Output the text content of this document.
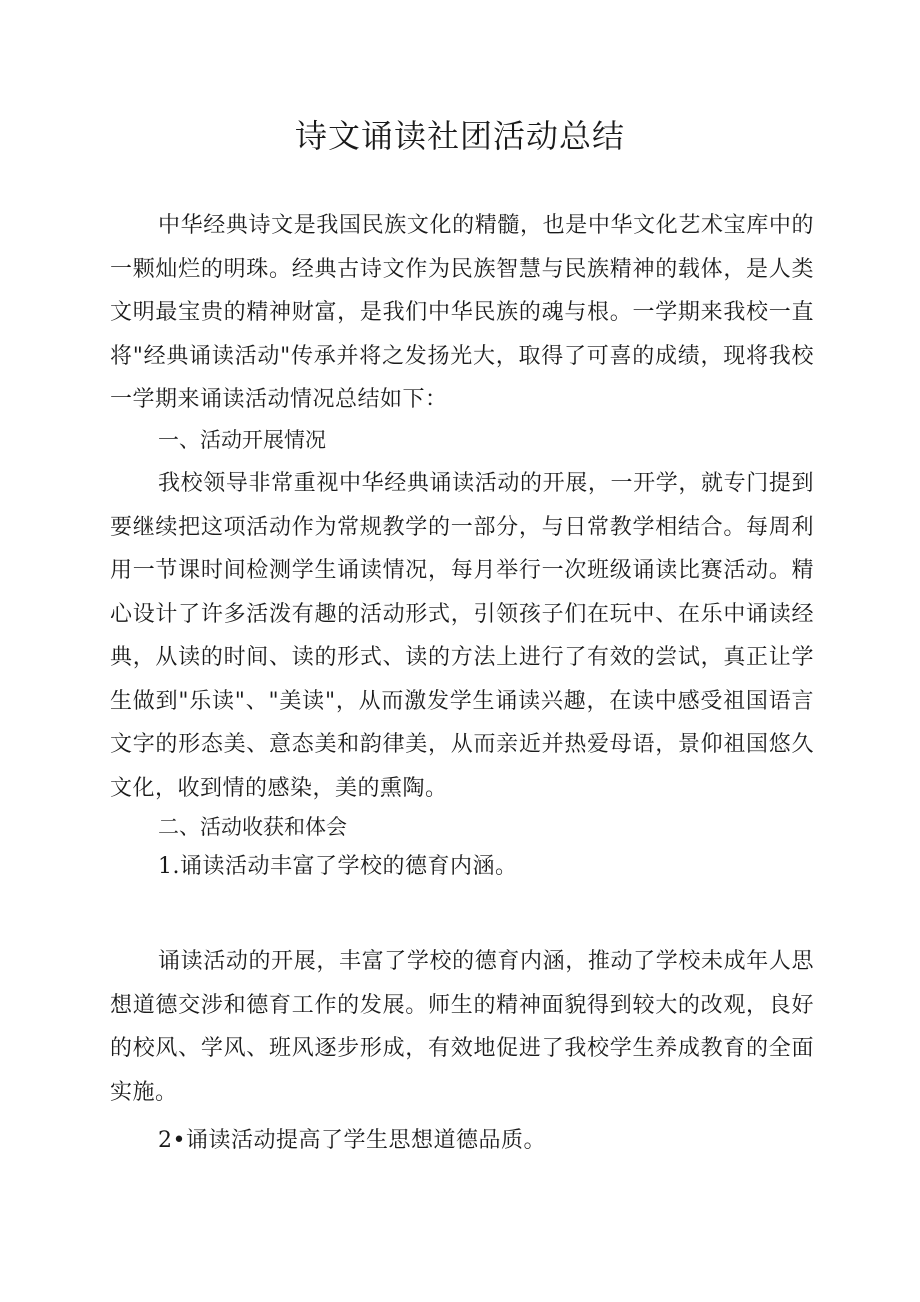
诗文诵读社团活动总结

中华经典诗文是我国民族文化的精髓，也是中华文化艺术宝库中的一颗灿烂的明珠。经典古诗文作为民族智慧与民族精神的载体，是人类文明最宝贵的精神财富，是我们中华民族的魂与根。一学期来我校一直将"经典诵读活动"传承并将之发扬光大，取得了可喜的成绩，现将我校一学期来诵读活动情况总结如下：

一、活动开展情况

我校领导非常重视中华经典诵读活动的开展，一开学，就专门提到要继续把这项活动作为常规教学的一部分，与日常教学相结合。每周利用一节课时间检测学生诵读情况，每月举行一次班级诵读比赛活动。精心设计了许多活泼有趣的活动形式，引领孩子们在玩中、在乐中诵读经典，从读的时间、读的形式、读的方法上进行了有效的尝试，真正让学生做到"乐读"、"美读"，从而激发学生诵读兴趣，在读中感受祖国语言文字的形态美、意态美和韵律美，从而亲近并热爱母语，景仰祖国悠久文化，收到情的感染，美的熏陶。

二、活动收获和体会

1.诵读活动丰富了学校的德育内涵。

诵读活动的开展，丰富了学校的德育内涵，推动了学校未成年人思想道德交涉和德育工作的发展。师生的精神面貌得到较大的改观，良好的校风、学风、班风逐步形成，有效地促进了我校学生养成教育的全面实施。

2•诵读活动提高了学生思想道德品质。
